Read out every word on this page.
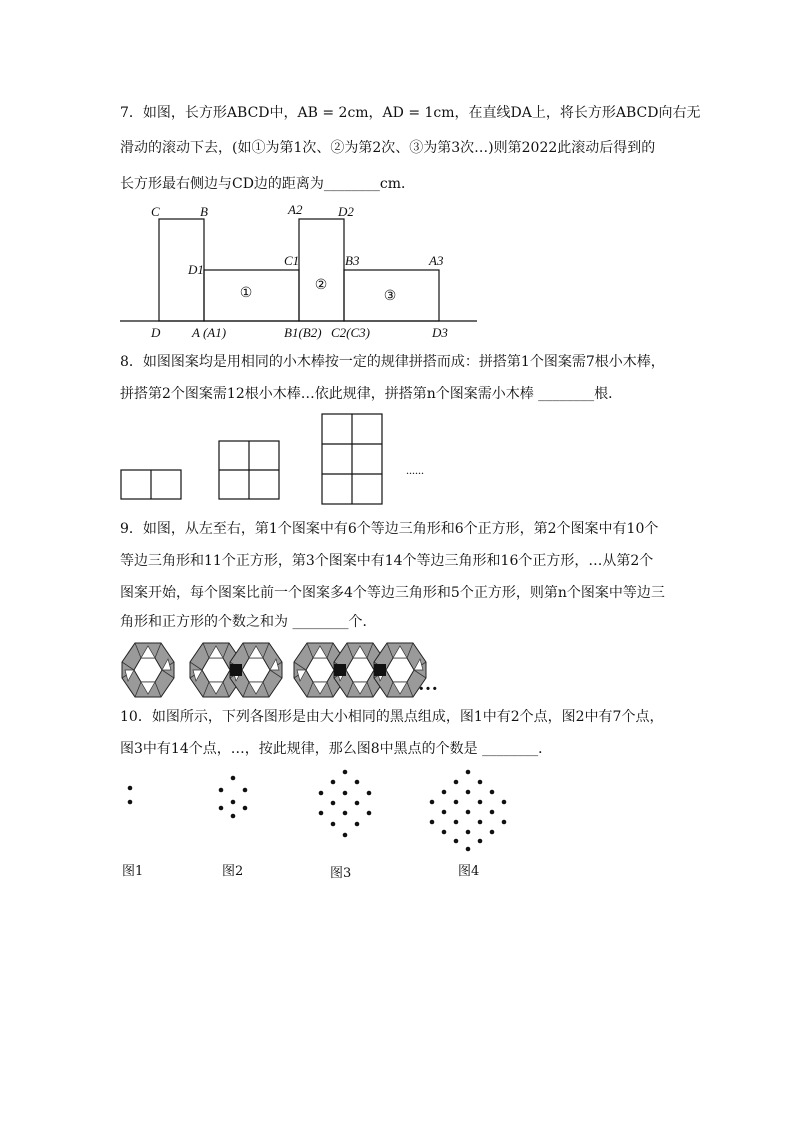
7．如图，长方形ABCD中，AB = 2cm，AD = 1cm，在直线DA上，将长方形ABCD向右无
滑动的滚动下去，(如①为第1次、②为第2次、③为第3次…)则第2022此滚动后得到的
长方形最右侧边与CD边的距离为________cm．
C	B	A2	D2
D1
C1	B3	A3
D A (A1)	B1(B2) C2(C3)	D3
①
②
③
8．如图图案均是用相同的小木棒按一定的规律拼搭而成：拼搭第1个图案需7根小木棒，
拼搭第2个图案需12根小木棒…依此规律，拼搭第n个图案需小木棒 ________根．
......
9．如图，从左至右，第1个图案中有6个等边三角形和6个正方形，第2个图案中有10个
等边三角形和11个正方形，第3个图案中有14个等边三角形和16个正方形，…从第2个
图案开始，每个图案比前一个图案多4个等边三角形和5个正方形，则第n个图案中等边三
角形和正方形的个数之和为 ________个．
…
10．如图所示，下列各图形是由大小相同的黑点组成，图1中有2个点，图2中有7个点，
图3中有14个点，…，按此规律，那么图8中黑点的个数是 ________．
图1	图2	图3	图4
